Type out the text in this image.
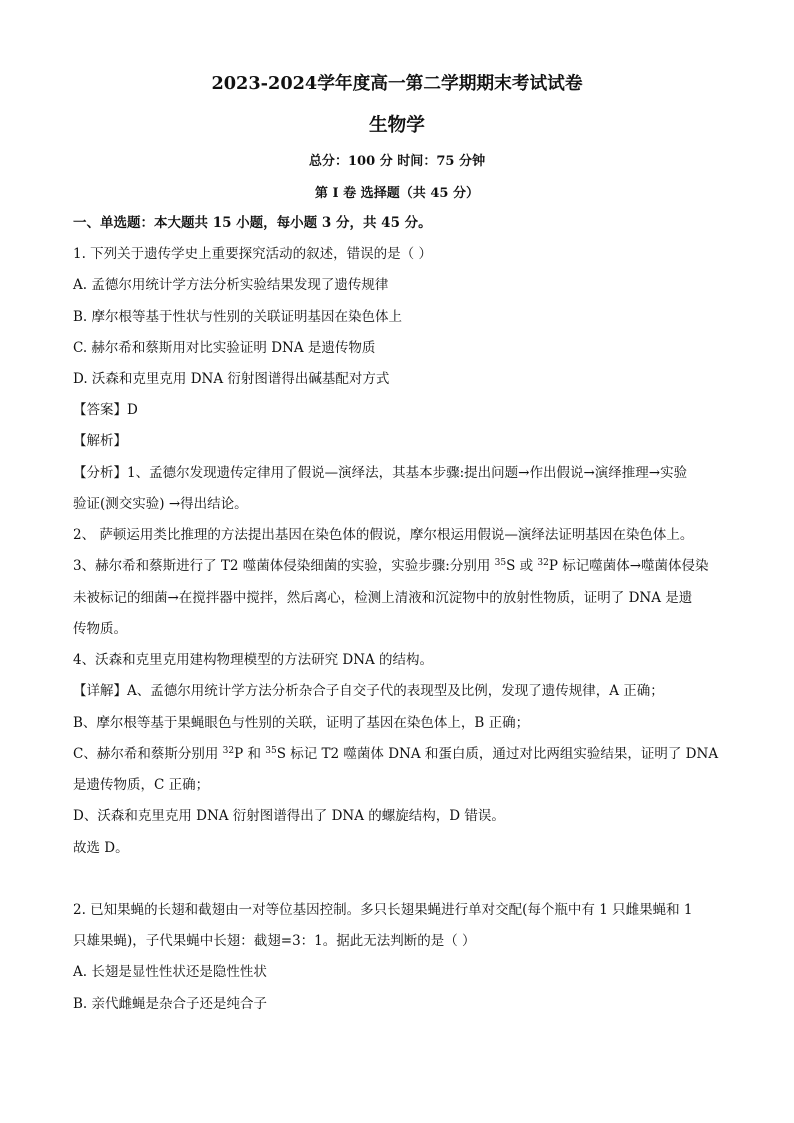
2023-2024学年度高一第二学期期末考试试卷
生物学
总分：100 分 时间：75 分钟
第 I 卷 选择题（共 45 分）
一、单选题：本大题共 15 小题，每小题 3 分，共 45 分。
1. 下列关于遗传学史上重要探究活动的叙述，错误的是（ ）
A. 孟德尔用统计学方法分析实验结果发现了遗传规律
B. 摩尔根等基于性状与性别的关联证明基因在染色体上
C. 赫尔希和蔡斯用对比实验证明 DNA 是遗传物质
D. 沃森和克里克用 DNA 衍射图谱得出碱基配对方式
【答案】D
【解析】
【分析】1、孟德尔发现遗传定律用了假说—演绎法，其基本步骤:提出问题→作出假说→演绎推理→实验
验证(测交实验) →得出结论。
2、 萨顿运用类比推理的方法提出基因在染色体的假说，摩尔根运用假说—演绎法证明基因在染色体上。
3、赫尔希和蔡斯进行了 T2 噬菌体侵染细菌的实验，实验步骤:分别用 $^{35}$S 或 $^{32}$P 标记噬菌体→噬菌体侵染
未被标记的细菌→在搅拌器中搅拌，然后离心，检测上清液和沉淀物中的放射性物质，证明了 DNA 是遗
传物质。
4、沃森和克里克用建构物理模型的方法研究 DNA 的结构。
【详解】A、孟德尔用统计学方法分析杂合子自交子代的表现型及比例，发现了遗传规律，A 正确；
B、摩尔根等基于果蝇眼色与性别的关联，证明了基因在染色体上，B 正确；
C、赫尔希和蔡斯分别用 $^{32}$P 和 $^{35}$S 标记 T2 噬菌体 DNA 和蛋白质，通过对比两组实验结果，证明了 DNA
是遗传物质，C 正确；
D、沃森和克里克用 DNA 衍射图谱得出了 DNA 的螺旋结构，D 错误。
故选 D。
2. 已知果蝇的长翅和截翅由一对等位基因控制。多只长翅果蝇进行单对交配(每个瓶中有 1 只雌果蝇和 1
只雄果蝇)，子代果蝇中长翅：截翅=3：1。据此无法判断的是（ ）
A. 长翅是显性性状还是隐性性状
B. 亲代雌蝇是杂合子还是纯合子
